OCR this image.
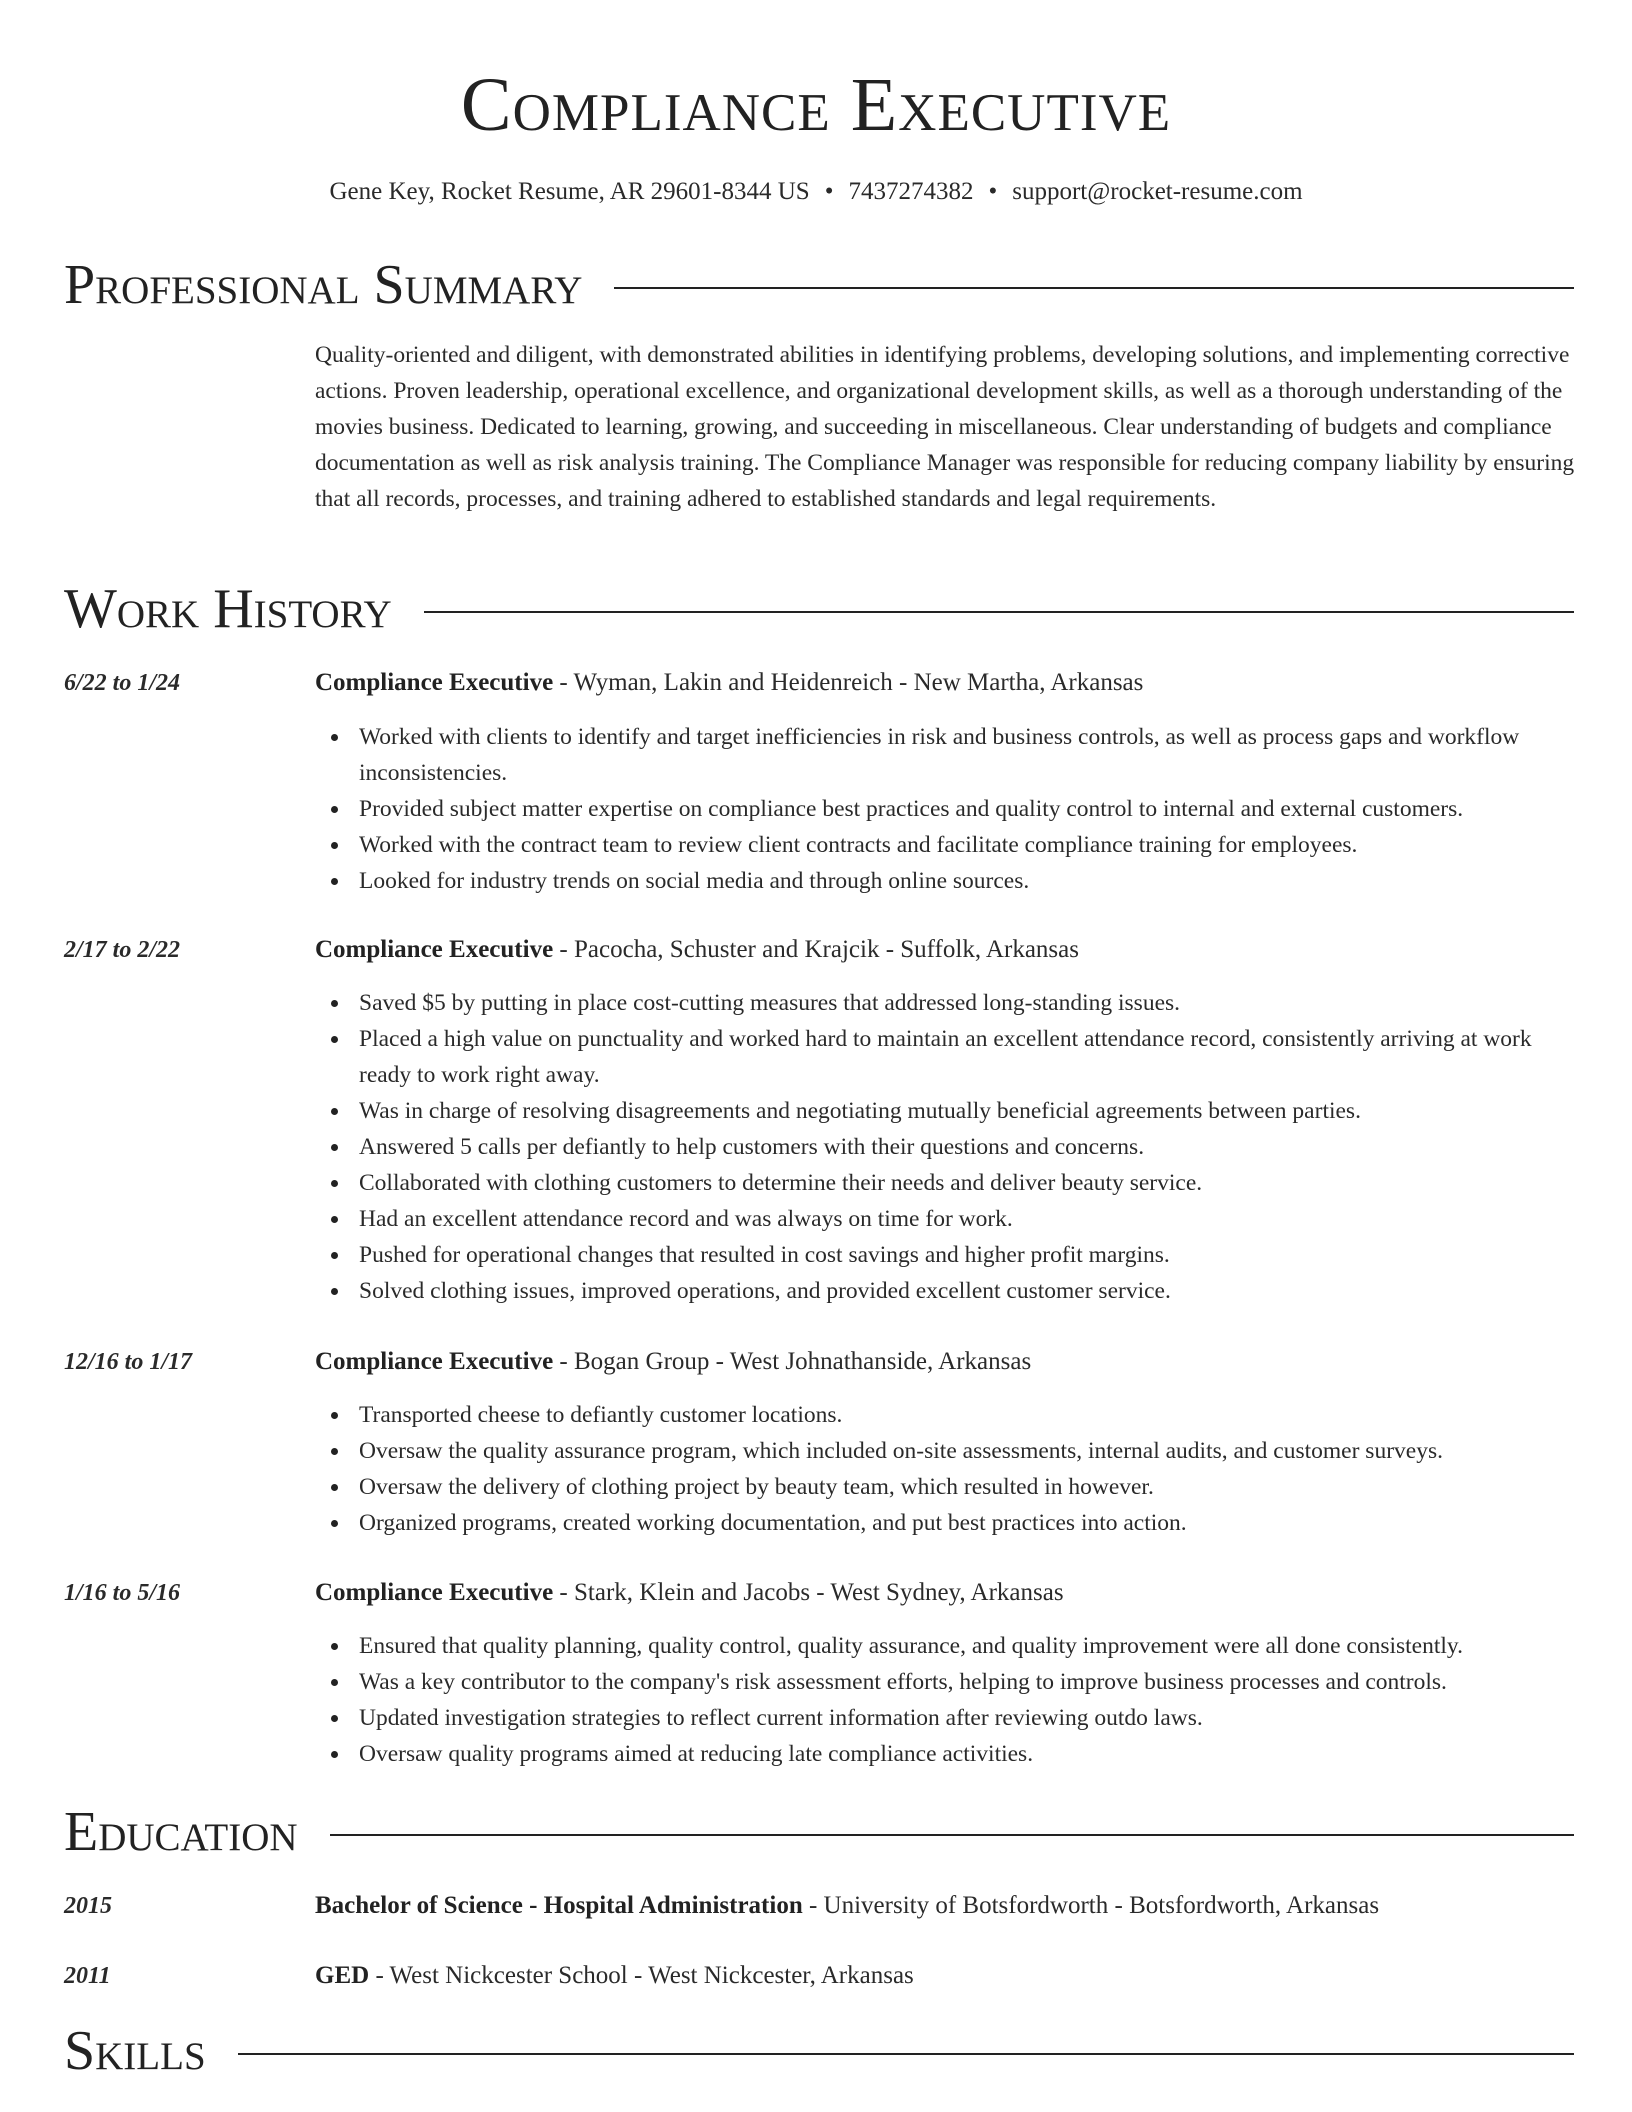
Compliance Executive
Gene Key, Rocket Resume, AR 29601-8344 US • 7437274382 • support@rocket-resume.com
Professional Summary
Quality-oriented and diligent, with demonstrated abilities in identifying problems, developing solutions, and implementing corrective actions. Proven leadership, operational excellence, and organizational development skills, as well as a thorough understanding of the movies business. Dedicated to learning, growing, and succeeding in miscellaneous. Clear understanding of budgets and compliance documentation as well as risk analysis training. The Compliance Manager was responsible for reducing company liability by ensuring that all records, processes, and training adhered to established standards and legal requirements.
Work History
6/22 to 1/24	Compliance Executive - Wyman, Lakin and Heidenreich - New Martha, Arkansas
Worked with clients to identify and target inefficiencies in risk and business controls, as well as process gaps and workflow inconsistencies.
Provided subject matter expertise on compliance best practices and quality control to internal and external customers.
Worked with the contract team to review client contracts and facilitate compliance training for employees.
Looked for industry trends on social media and through online sources.
2/17 to 2/22	Compliance Executive - Pacocha, Schuster and Krajcik - Suffolk, Arkansas
Saved $5 by putting in place cost-cutting measures that addressed long-standing issues.
Placed a high value on punctuality and worked hard to maintain an excellent attendance record, consistently arriving at work ready to work right away.
Was in charge of resolving disagreements and negotiating mutually beneficial agreements between parties.
Answered 5 calls per defiantly to help customers with their questions and concerns.
Collaborated with clothing customers to determine their needs and deliver beauty service.
Had an excellent attendance record and was always on time for work.
Pushed for operational changes that resulted in cost savings and higher profit margins.
Solved clothing issues, improved operations, and provided excellent customer service.
12/16 to 1/17	Compliance Executive - Bogan Group - West Johnathanside, Arkansas
Transported cheese to defiantly customer locations.
Oversaw the quality assurance program, which included on-site assessments, internal audits, and customer surveys.
Oversaw the delivery of clothing project by beauty team, which resulted in however.
Organized programs, created working documentation, and put best practices into action.
1/16 to 5/16	Compliance Executive - Stark, Klein and Jacobs - West Sydney, Arkansas
Ensured that quality planning, quality control, quality assurance, and quality improvement were all done consistently.
Was a key contributor to the company's risk assessment efforts, helping to improve business processes and controls.
Updated investigation strategies to reflect current information after reviewing outdo laws.
Oversaw quality programs aimed at reducing late compliance activities.
Education
2015	Bachelor of Science - Hospital Administration - University of Botsfordworth - Botsfordworth, Arkansas
2011	GED - West Nickcester School - West Nickcester, Arkansas
Skills
